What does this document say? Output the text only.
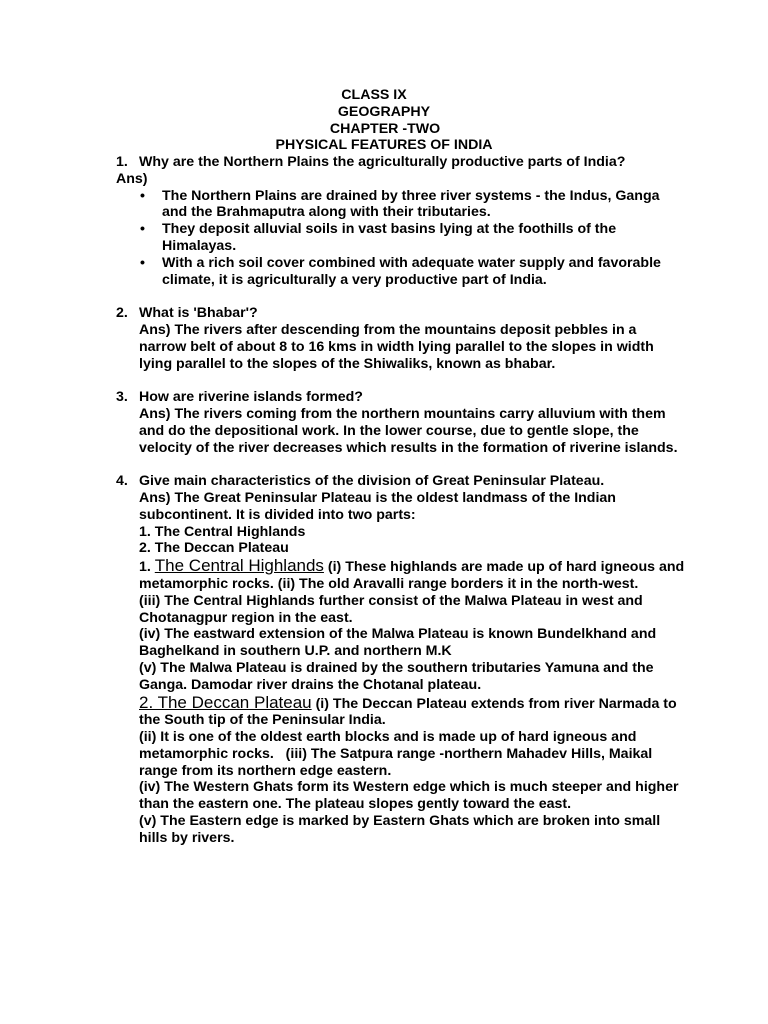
CLASS IX
GEOGRAPHY
CHAPTER -TWO
PHYSICAL FEATURES OF INDIA
1. Why are the Northern Plains the agriculturally productive parts of India?
Ans)
• The Northern Plains are drained by three river systems - the Indus, Ganga and the Brahmaputra along with their tributaries.
• They deposit alluvial soils in vast basins lying at the foothills of the Himalayas.
• With a rich soil cover combined with adequate water supply and favorable climate, it is agriculturally a very productive part of India.
2. What is 'Bhabar'?
Ans) The rivers after descending from the mountains deposit pebbles in a narrow belt of about 8 to 16 kms in width lying parallel to the slopes in width lying parallel to the slopes of the Shiwaliks, known as bhabar.
3. How are riverine islands formed?
Ans) The rivers coming from the northern mountains carry alluvium with them and do the depositional work. In the lower course, due to gentle slope, the velocity of the river decreases which results in the formation of riverine islands.
4. Give main characteristics of the division of Great Peninsular Plateau.

Ans) The Great Peninsular Plateau is the oldest landmass of the Indian subcontinent. It is divided into two parts:

1. The Central Highlands

2. The Deccan Plateau

1. The Central Highlands (i) These highlands are made up of hard igneous and metamorphic rocks. (ii) The old Aravalli range borders it in the north-west.

(iii) The Central Highlands further consist of the Malwa Plateau in west and Chotanagpur region in the east.

(iv) The eastward extension of the Malwa Plateau is known Bundelkhand and Baghelkand in southern U.P. and northern M.K

(v) The Malwa Plateau is drained by the southern tributaries Yamuna and the Ganga. Damodar river drains the Chotanal plateau.

2. The Deccan Plateau (i) The Deccan Plateau extends from river Narmada to the South tip of the Peninsular India.

(ii) It is one of the oldest earth blocks and is made up of hard igneous and metamorphic rocks.   (iii) The Satpura range -northern Mahadev Hills, Maikal range from its northern edge eastern.

(iv) The Western Ghats form its Western edge which is much steeper and higher than the eastern one. The plateau slopes gently toward the east.

(v) The Eastern edge is marked by Eastern Ghats which are broken into small hills by rivers.
